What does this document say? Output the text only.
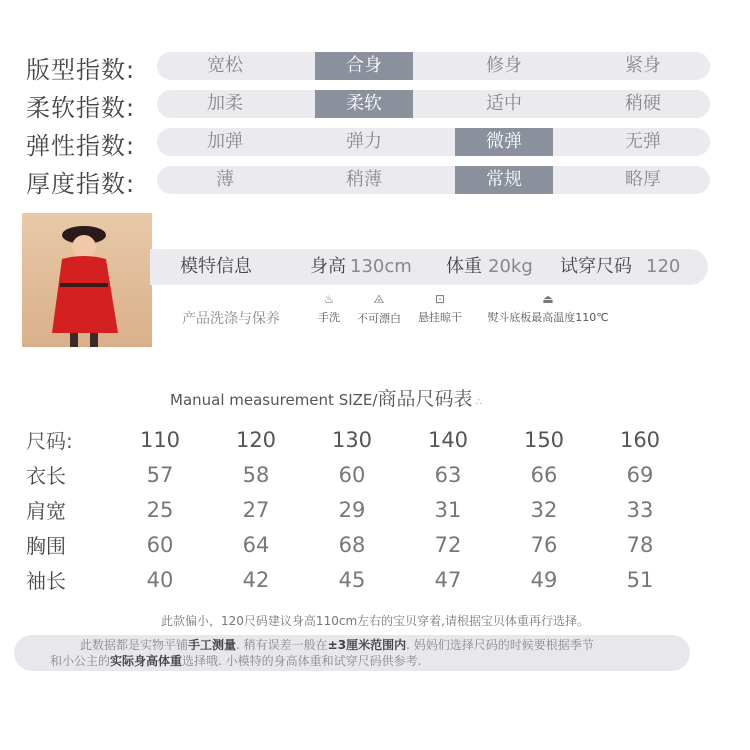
版型指数:	宽松	合身	修身	紧身
柔软指数:	加柔	柔软	适中	稍硬
弹性指数:	加弹	弹力	微弹	无弹
厚度指数:	薄	稍薄	常规	略厚
模特信息	身高 130cm 体重 20kg 试穿尺码 120
产品洗涤与保养
♨
手洗
⨻
不可漂白
⊡
悬挂晾干
⏏
熨斗底板最高温度110℃
Manual measurement SIZE/商品尺码表 ∴
尺码:	110	120	130	140	150	160
衣长	57	58	60	63	66	69
肩宽	25	27	29	31	32	33
胸围	60	64	68	72	76	78
袖长	40	42	45	47	49	51
此款偏小，120尺码建议身高110cm左右的宝贝穿着,请根据宝贝体重再行选择。
此数据都是实物平铺手工测量. 稍有误差一般在±3厘米范围内. 妈妈们选择尺码的时候要根据季节
和小公主的实际身高体重选择哦. 小模特的身高体重和试穿尺码供参考.
